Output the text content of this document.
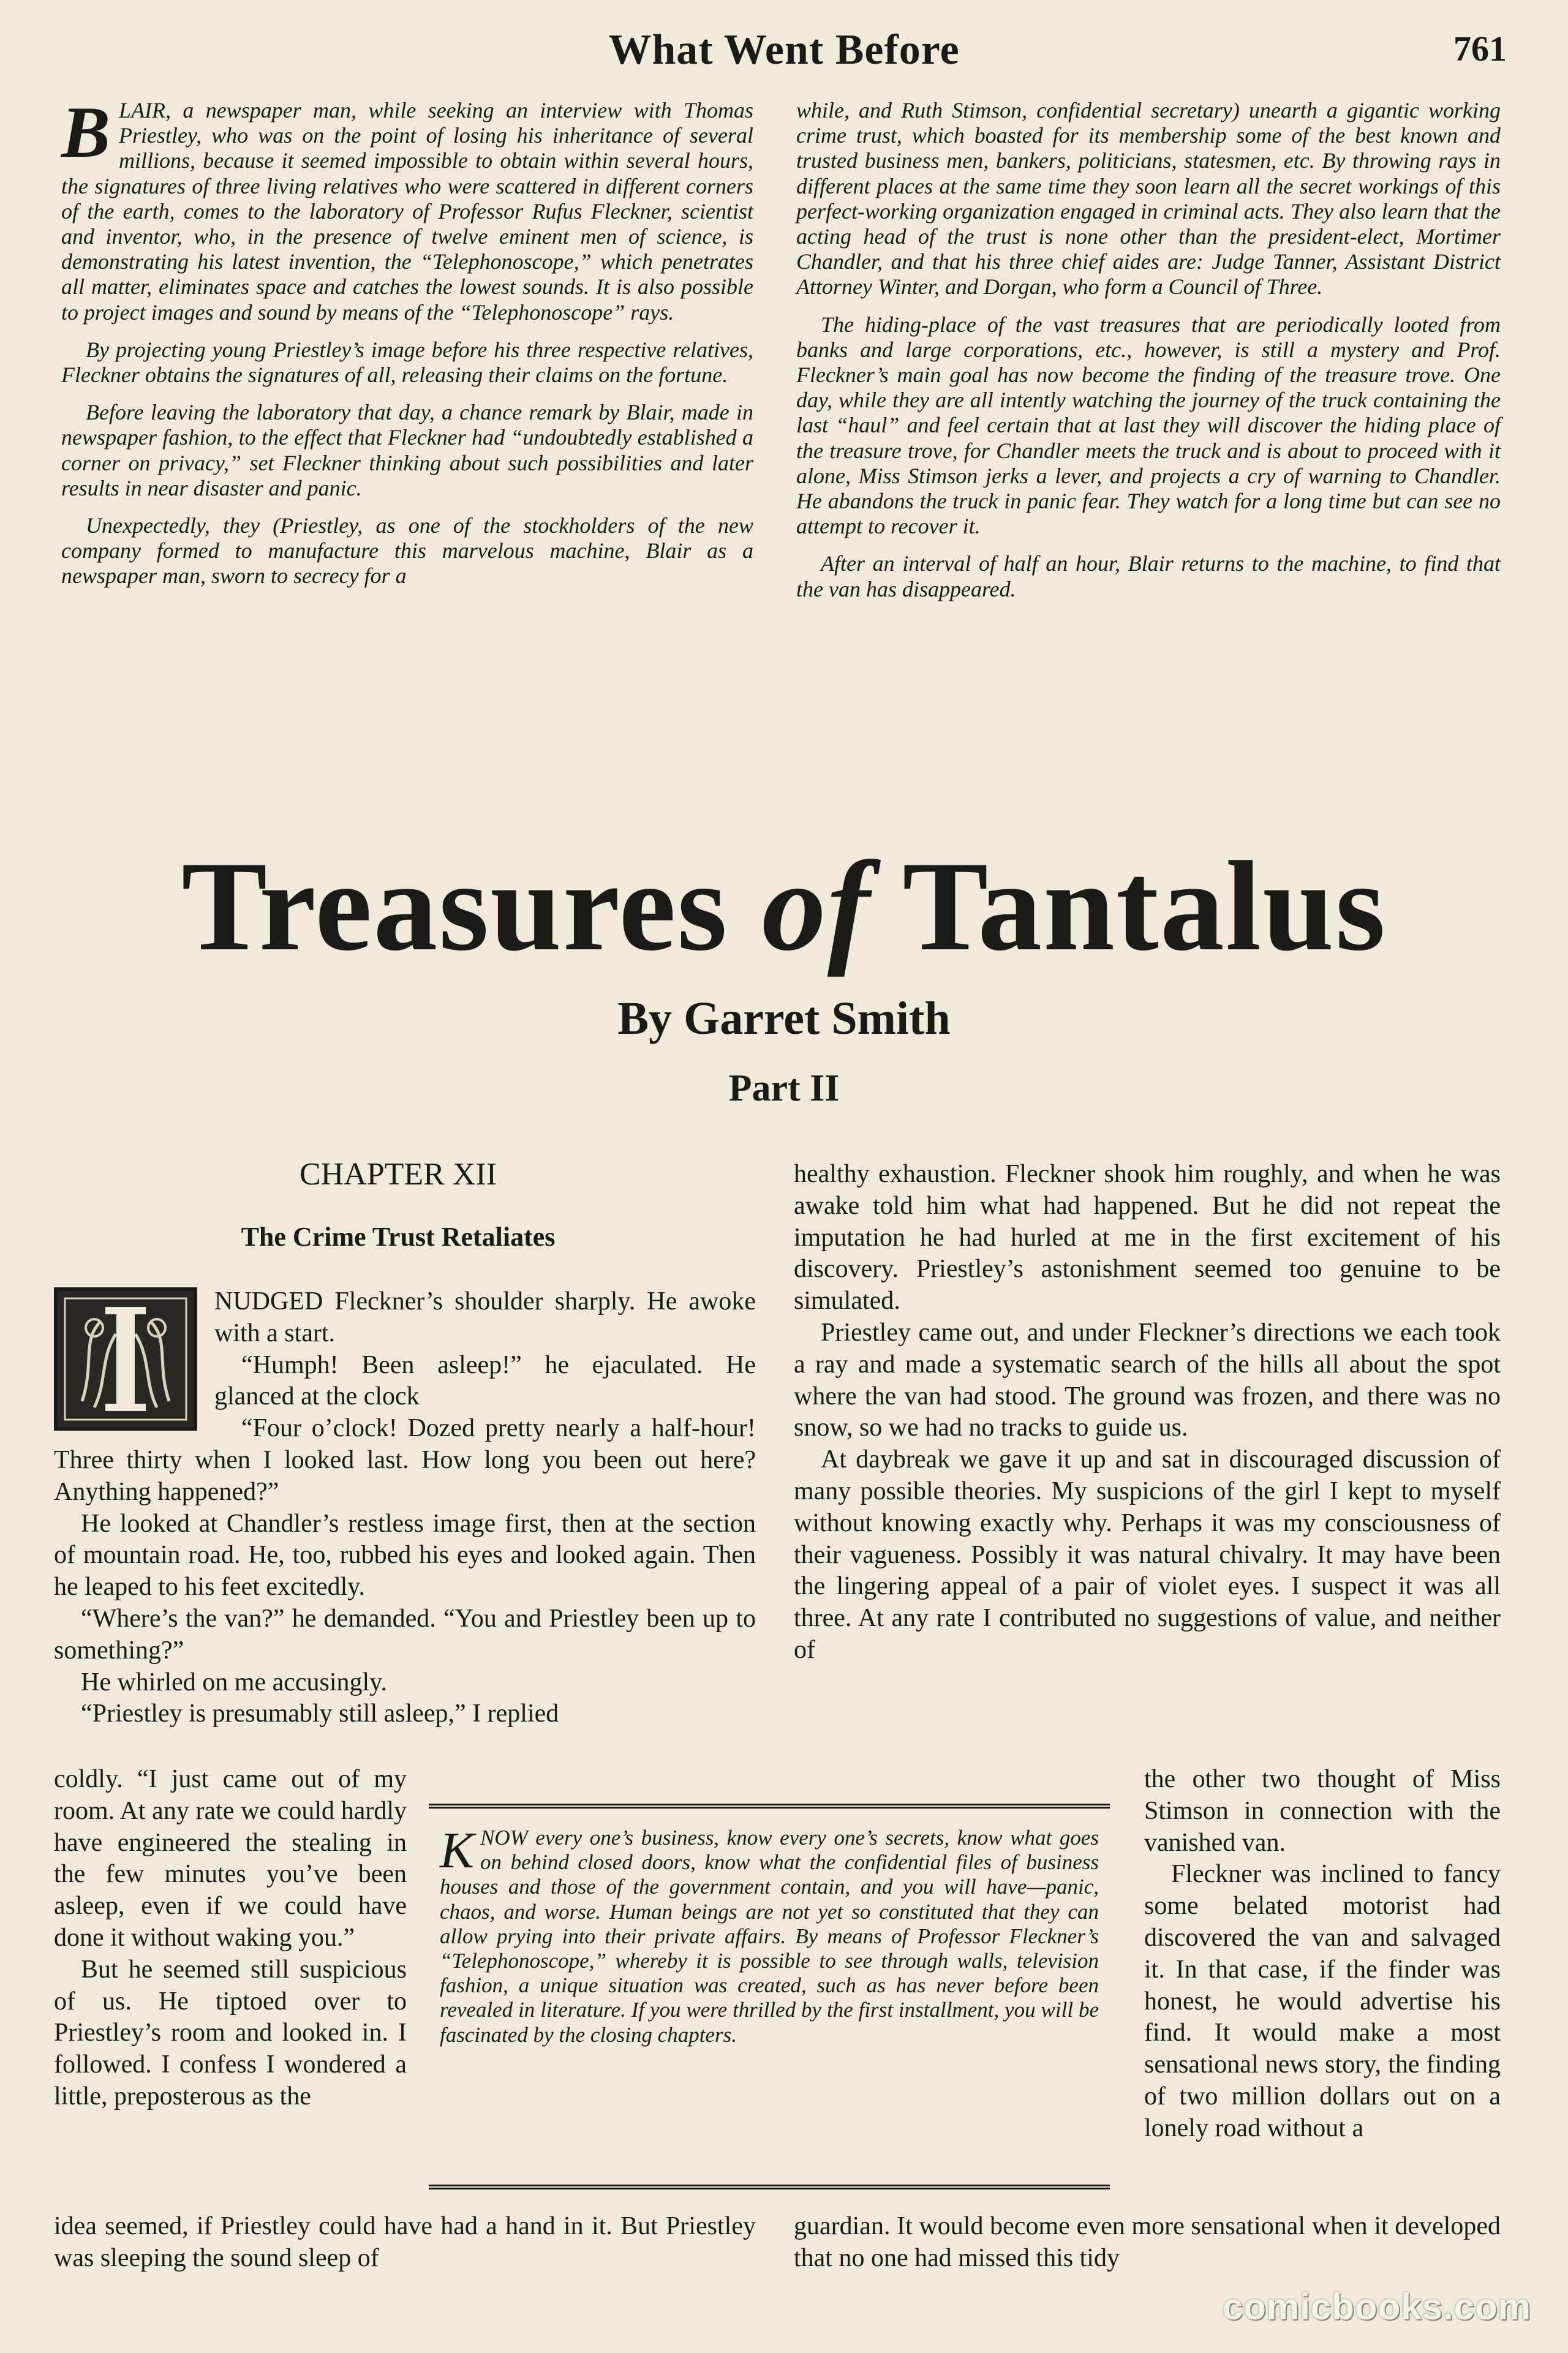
What Went Before	761

BLAIR, a newspaper man, while seeking an interview with Thomas Priestley, who was on the point of losing his inheritance of several millions, because it seemed impossible to obtain within several hours, the signatures of three living relatives who were scattered in different corners of the earth, comes to the laboratory of Professor Rufus Fleckner, scientist and inventor, who, in the presence of twelve eminent men of science, is demonstrating his latest invention, the “Telephonoscope,” which penetrates all matter, eliminates space and catches the lowest sounds. It is also possible to project images and sound by means of the “Telephonoscope” rays.

By projecting young Priestley’s image before his three respective relatives, Fleckner obtains the signatures of all, releasing their claims on the fortune.

Before leaving the laboratory that day, a chance remark by Blair, made in newspaper fashion, to the effect that Fleckner had “undoubtedly established a corner on privacy,” set Fleckner thinking about such possibilities and later results in near disaster and panic.

Unexpectedly, they (Priestley, as one of the stockholders of the new company formed to manufacture this marvelous machine, Blair as a newspaper man, sworn to secrecy for a

while, and Ruth Stimson, confidential secretary) unearth a gigantic working crime trust, which boasted for its membership some of the best known and trusted business men, bankers, politicians, statesmen, etc. By throwing rays in different places at the same time they soon learn all the secret workings of this perfect-working organization engaged in criminal acts. They also learn that the acting head of the trust is none other than the president-elect, Mortimer Chandler, and that his three chief aides are: Judge Tanner, Assistant District Attorney Winter, and Dorgan, who form a Council of Three.

The hiding-place of the vast treasures that are periodically looted from banks and large corporations, etc., however, is still a mystery and Prof. Fleckner’s main goal has now become the finding of the treasure trove. One day, while they are all intently watching the journey of the truck containing the last “haul” and feel certain that at last they will discover the hiding place of the treasure trove, for Chandler meets the truck and is about to proceed with it alone, Miss Stimson jerks a lever, and projects a cry of warning to Chandler. He abandons the truck in panic fear. They watch for a long time but can see no attempt to recover it.

After an interval of half an hour, Blair returns to the machine, to find that the van has disappeared.

Treasures of Tantalus
By Garret Smith
Part II
CHAPTER XII
The Crime Trust Retaliates

NUDGED Fleckner’s shoulder sharply. He awoke with a start.

“Humph! Been asleep!” he ejaculated. He glanced at the clock

“Four o’clock! Dozed pretty nearly a half-hour! Three thirty when I looked last. How long you been out here? Anything happened?”

He looked at Chandler’s restless image first, then at the section of mountain road. He, too, rubbed his eyes and looked again. Then he leaped to his feet excitedly.

“Where’s the van?” he demanded. “You and Priestley been up to something?”

He whirled on me accusingly.

“Priestley is presumably still asleep,” I replied

coldly. “I just came out of my room. At any rate we could hardly have engineered the stealing in the few minutes you’ve been asleep, even if we could have done it without waking you.”

But he seemed still suspicious of us. He tiptoed over to Priestley’s room and looked in. I followed. I confess I wondered a little, preposterous as the

idea seemed, if Priestley could have had a hand in it. But Priestley was sleeping the sound sleep of

healthy exhaustion. Fleckner shook him roughly, and when he was awake told him what had happened. But he did not repeat the imputation he had hurled at me in the first excitement of his discovery. Priestley’s astonishment seemed too genuine to be simulated.

Priestley came out, and under Fleckner’s directions we each took a ray and made a systematic search of the hills all about the spot where the van had stood. The ground was frozen, and there was no snow, so we had no tracks to guide us.

At daybreak we gave it up and sat in discouraged discussion of many possible theories. My suspicions of the girl I kept to myself without knowing exactly why. Perhaps it was my consciousness of their vagueness. Possibly it was natural chivalry. It may have been the lingering appeal of a pair of violet eyes. I suspect it was all three. At any rate I contributed no suggestions of value, and neither of

the other two thought of Miss Stimson in connection with the vanished van.

Fleckner was inclined to fancy some belated motorist had discovered the van and salvaged it. In that case, if the finder was honest, he would advertise his find. It would make a most sensational news story, the finding of two million dollars out on a lonely road without a

guardian. It would become even more sensational when it developed that no one had missed this tidy

KNOW every one’s business, know every one’s secrets, know what goes on behind closed doors, know what the confidential files of business houses and those of the government contain, and you will have—panic, chaos, and worse. Human beings are not yet so constituted that they can allow prying into their private affairs. By means of Professor Fleckner’s “Telephonoscope,” whereby it is possible to see through walls, television fashion, a unique situation was created, such as has never before been revealed in literature. If you were thrilled by the first installment, you will be fascinated by the closing chapters.
comicbooks.com
